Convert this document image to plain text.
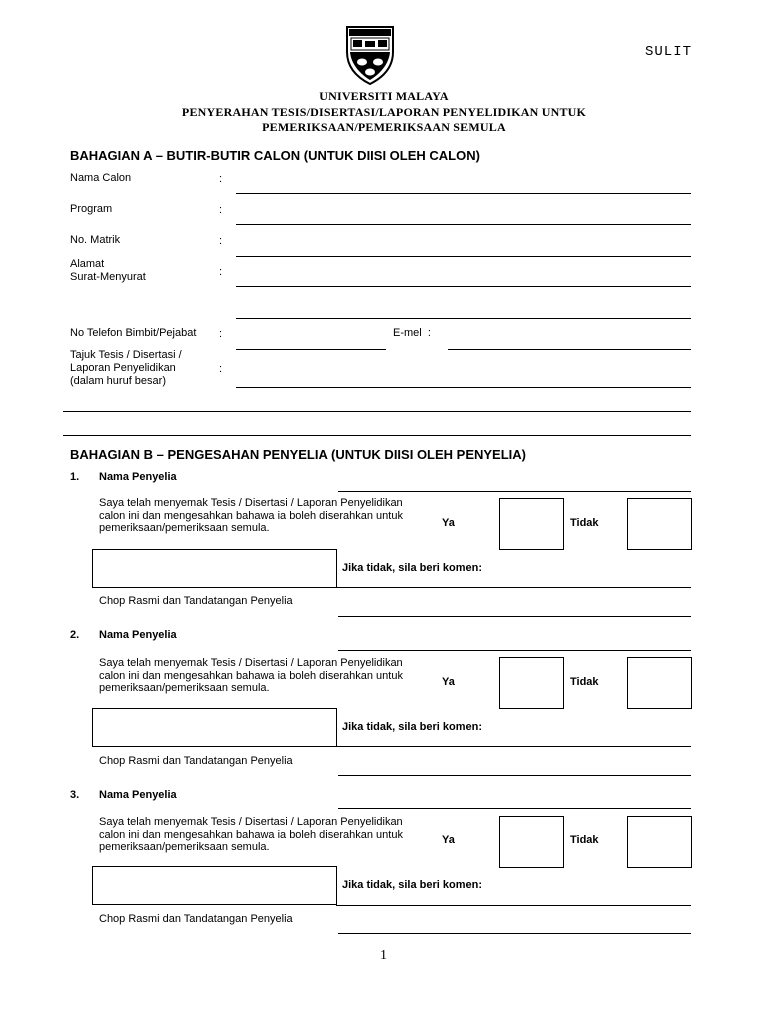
SULIT
UNIVERSITI MALAYA
PENYERAHAN TESIS/DISERTASI/LAPORAN PENYELIDIKAN UNTUK
PEMERIKSAAN/PEMERIKSAAN SEMULA
BAHAGIAN A – BUTIR-BUTIR CALON (UNTUK DIISI OLEH CALON)
Nama Calon	:
Program	:
No. Matrik	:
Alamat
Surat-Menyurat	:
No Telefon Bimbit/Pejabat :	E-mel  :
Tajuk Tesis / Disertasi /
Laporan Penyelidikan
(dalam huruf besar)
:
BAHAGIAN B – PENGESAHAN PENYELIA (UNTUK DIISI OLEH PENYELIA)
1. Nama Penyelia
Saya telah menyemak Tesis / Disertasi / Laporan Penyelidikan
calon ini dan mengesahkan bahawa ia boleh diserahkan untuk
pemeriksaan/pemeriksaan semula.	Ya	Tidak
Jika tidak, sila beri komen:
Chop Rasmi dan Tandatangan Penyelia
2. Nama Penyelia
Saya telah menyemak Tesis / Disertasi / Laporan Penyelidikan
calon ini dan mengesahkan bahawa ia boleh diserahkan untuk
pemeriksaan/pemeriksaan semula.	Ya	Tidak
Jika tidak, sila beri komen:
Chop Rasmi dan Tandatangan Penyelia
3. Nama Penyelia
Saya telah menyemak Tesis / Disertasi / Laporan Penyelidikan
calon ini dan mengesahkan bahawa ia boleh diserahkan untuk
pemeriksaan/pemeriksaan semula.
Ya	Tidak
Jika tidak, sila beri komen:
Chop Rasmi dan Tandatangan Penyelia
1
